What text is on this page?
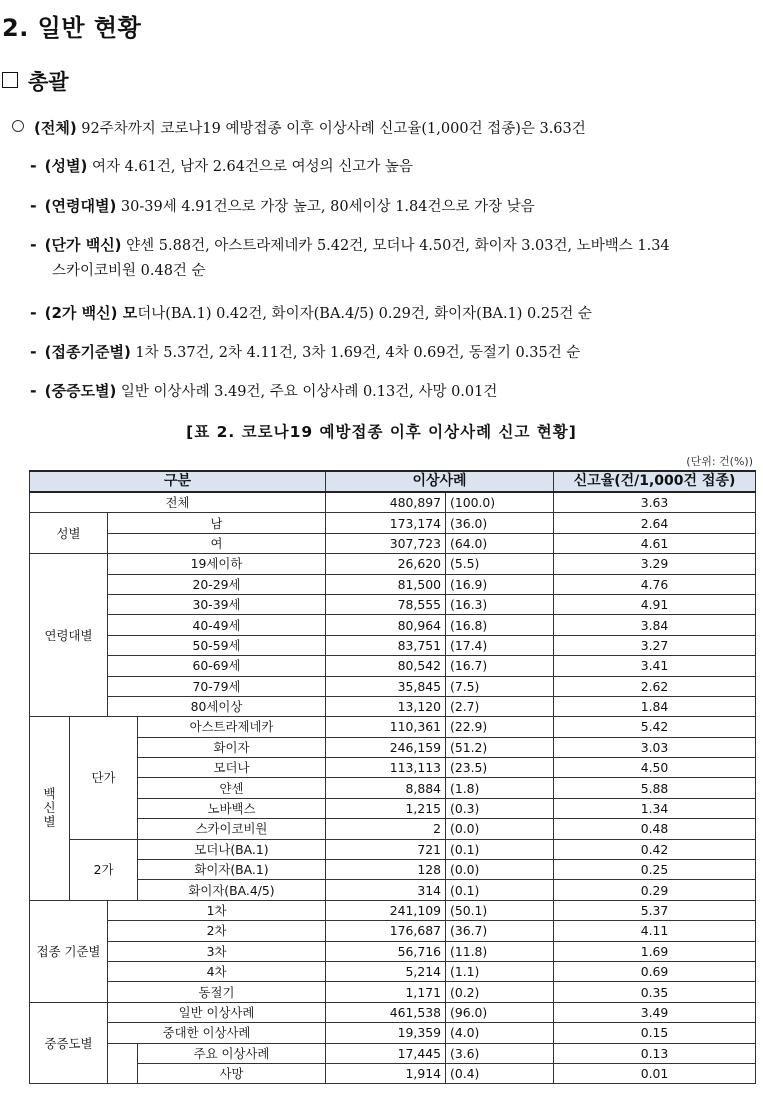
2. 일반 현황
총괄
(전체) 92주차까지 코로나19 예방접종 이후 이상사례 신고율(1,000건 접종)은 3.63건
- (성별) 여자 4.61건, 남자 2.64건으로 여성의 신고가 높음
- (연령대별) 30-39세 4.91건으로 가장 높고, 80세이상 1.84건으로 가장 낮음
- (단가 백신) 얀센 5.88건, 아스트라제네카 5.42건, 모더나 4.50건, 화이자 3.03건, 노바백스 1.34
스카이코비원 0.48건 순
- (2가 백신) 모더나(BA.1) 0.42건, 화이자(BA.4/5) 0.29건, 화이자(BA.1) 0.25건 순
- (접종기준별) 1차 5.37건, 2차 4.11건, 3차 1.69건, 4차 0.69건, 동절기 0.35건 순
- (중증도별) 일반 이상사례 3.49건, 주요 이상사례 0.13건, 사망 0.01건
[표 2. 코로나19 예방접종 이후 이상사례 신고 현황]
(단위: 건(%))
구분				이상사례		신고율(건/1,000건 접종)
전체				480,897	(100.0)	3.63
성별		남		173,174	(36.0)	2.64
		여		307,723	(64.0)	4.61
연령대별		19세이하		26,620	(5.5)	3.29
		20-29세		81,500	(16.9)	4.76
		30-39세		78,555	(16.3)	4.91
		40-49세		80,964	(16.8)	3.84
		50-59세		83,751	(17.4)	3.27
		60-69세		80,542	(16.7)	3.41
		70-79세		35,845	(7.5)	2.62
		80세이상		13,120	(2.7)	1.84
백신별	단가		아스트라제네카	110,361	(22.9)	5.42
			화이자	246,159	(51.2)	3.03
			모더나	113,113	(23.5)	4.50
			얀센	8,884	(1.8)	5.88
			노바백스	1,215	(0.3)	1.34
			스카이코비원	2	(0.0)	0.48
	2가		모더나(BA.1)	721	(0.1)	0.42
			화이자(BA.1)	128	(0.0)	0.25
			화이자(BA.4/5)	314	(0.1)	0.29
접종 기준별		1차		241,109	(50.1)	5.37
		2차		176,687	(36.7)	4.11
		3차		56,716	(11.8)	1.69
		4차		5,214	(1.1)	0.69
		동절기		1,171	(0.2)	0.35
중증도별		일반 이상사례		461,538	(96.0)	3.49
		중대한 이상사례		19,359	(4.0)	0.15
			주요 이상사례	17,445	(3.6)	0.13
			사망	1,914	(0.4)	0.01
